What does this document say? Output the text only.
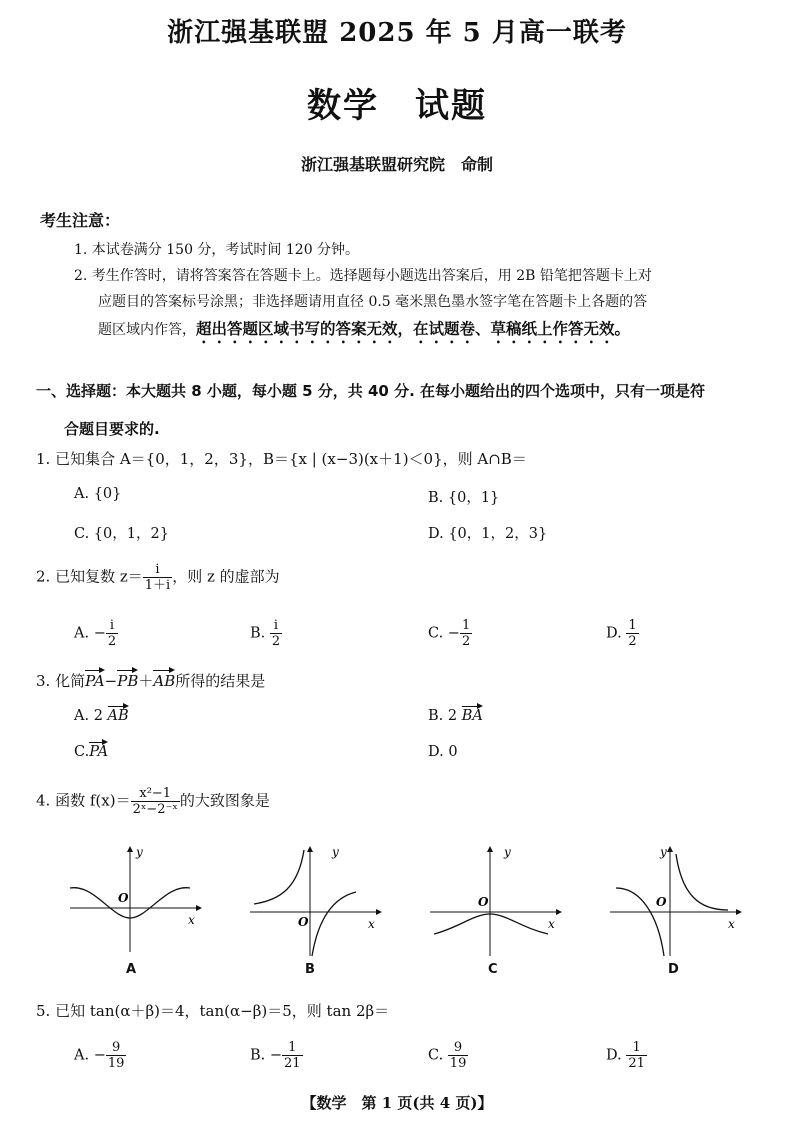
浙江强基联盟 2025 年 5 月高一联考
数学　试题
浙江强基联盟研究院　命制
考生注意：
1. 本试卷满分 150 分，考试时间 120 分钟。
2. 考生作答时，请将答案答在答题卡上。选择题每小题选出答案后，用 2B 铅笔把答题卡上对
应题目的答案标号涂黑；非选择题请用直径 0.5 毫米黑色墨水签字笔在答题卡上各题的答
题区域内作答，超出答题区域书写的答案无效，在试题卷、草稿纸上作答无效。
一、选择题：本大题共 8 小题，每小题 5 分，共 40 分. 在每小题给出的四个选项中，只有一项是符
合题目要求的.
1. 已知集合 A＝{0，1，2，3}，B＝{x | (x−3)(x＋1)＜0}，则 A∩B＝
A. {0}	B. {0，1}
C. {0，1，2}	D. {0，1，2，3}
2. 已知复数 $z= \frac{i}{1+i}$ ，则 z 的虚部为
A. − $\frac{i}{2}$	B. $\frac{i}{2}$	C. − $\frac{1}{2}$	D. $\frac{1}{2}$
3. 化简PA−PB＋AB所得的结果是
A. 2 AB	B. 2 BA
C.PA	D. 0
4. 函数 $f(x)= \frac{\text{x²−1}}{\text{2ˣ−2⁻ˣ}}$ 的大致图象是
O
y
x
A
O
y
x
B
O
y
x
C
O
y
x
D
5. 已知 tan(α＋β)＝4，tan(α−β)＝5，则 tan 2β＝
A. − $\frac{9}{19}$	B. − $\frac{1}{21}$	C. $\frac{9}{19}$	D. $\frac{1}{21}$
【数学　第 1 页(共 4 页)】
